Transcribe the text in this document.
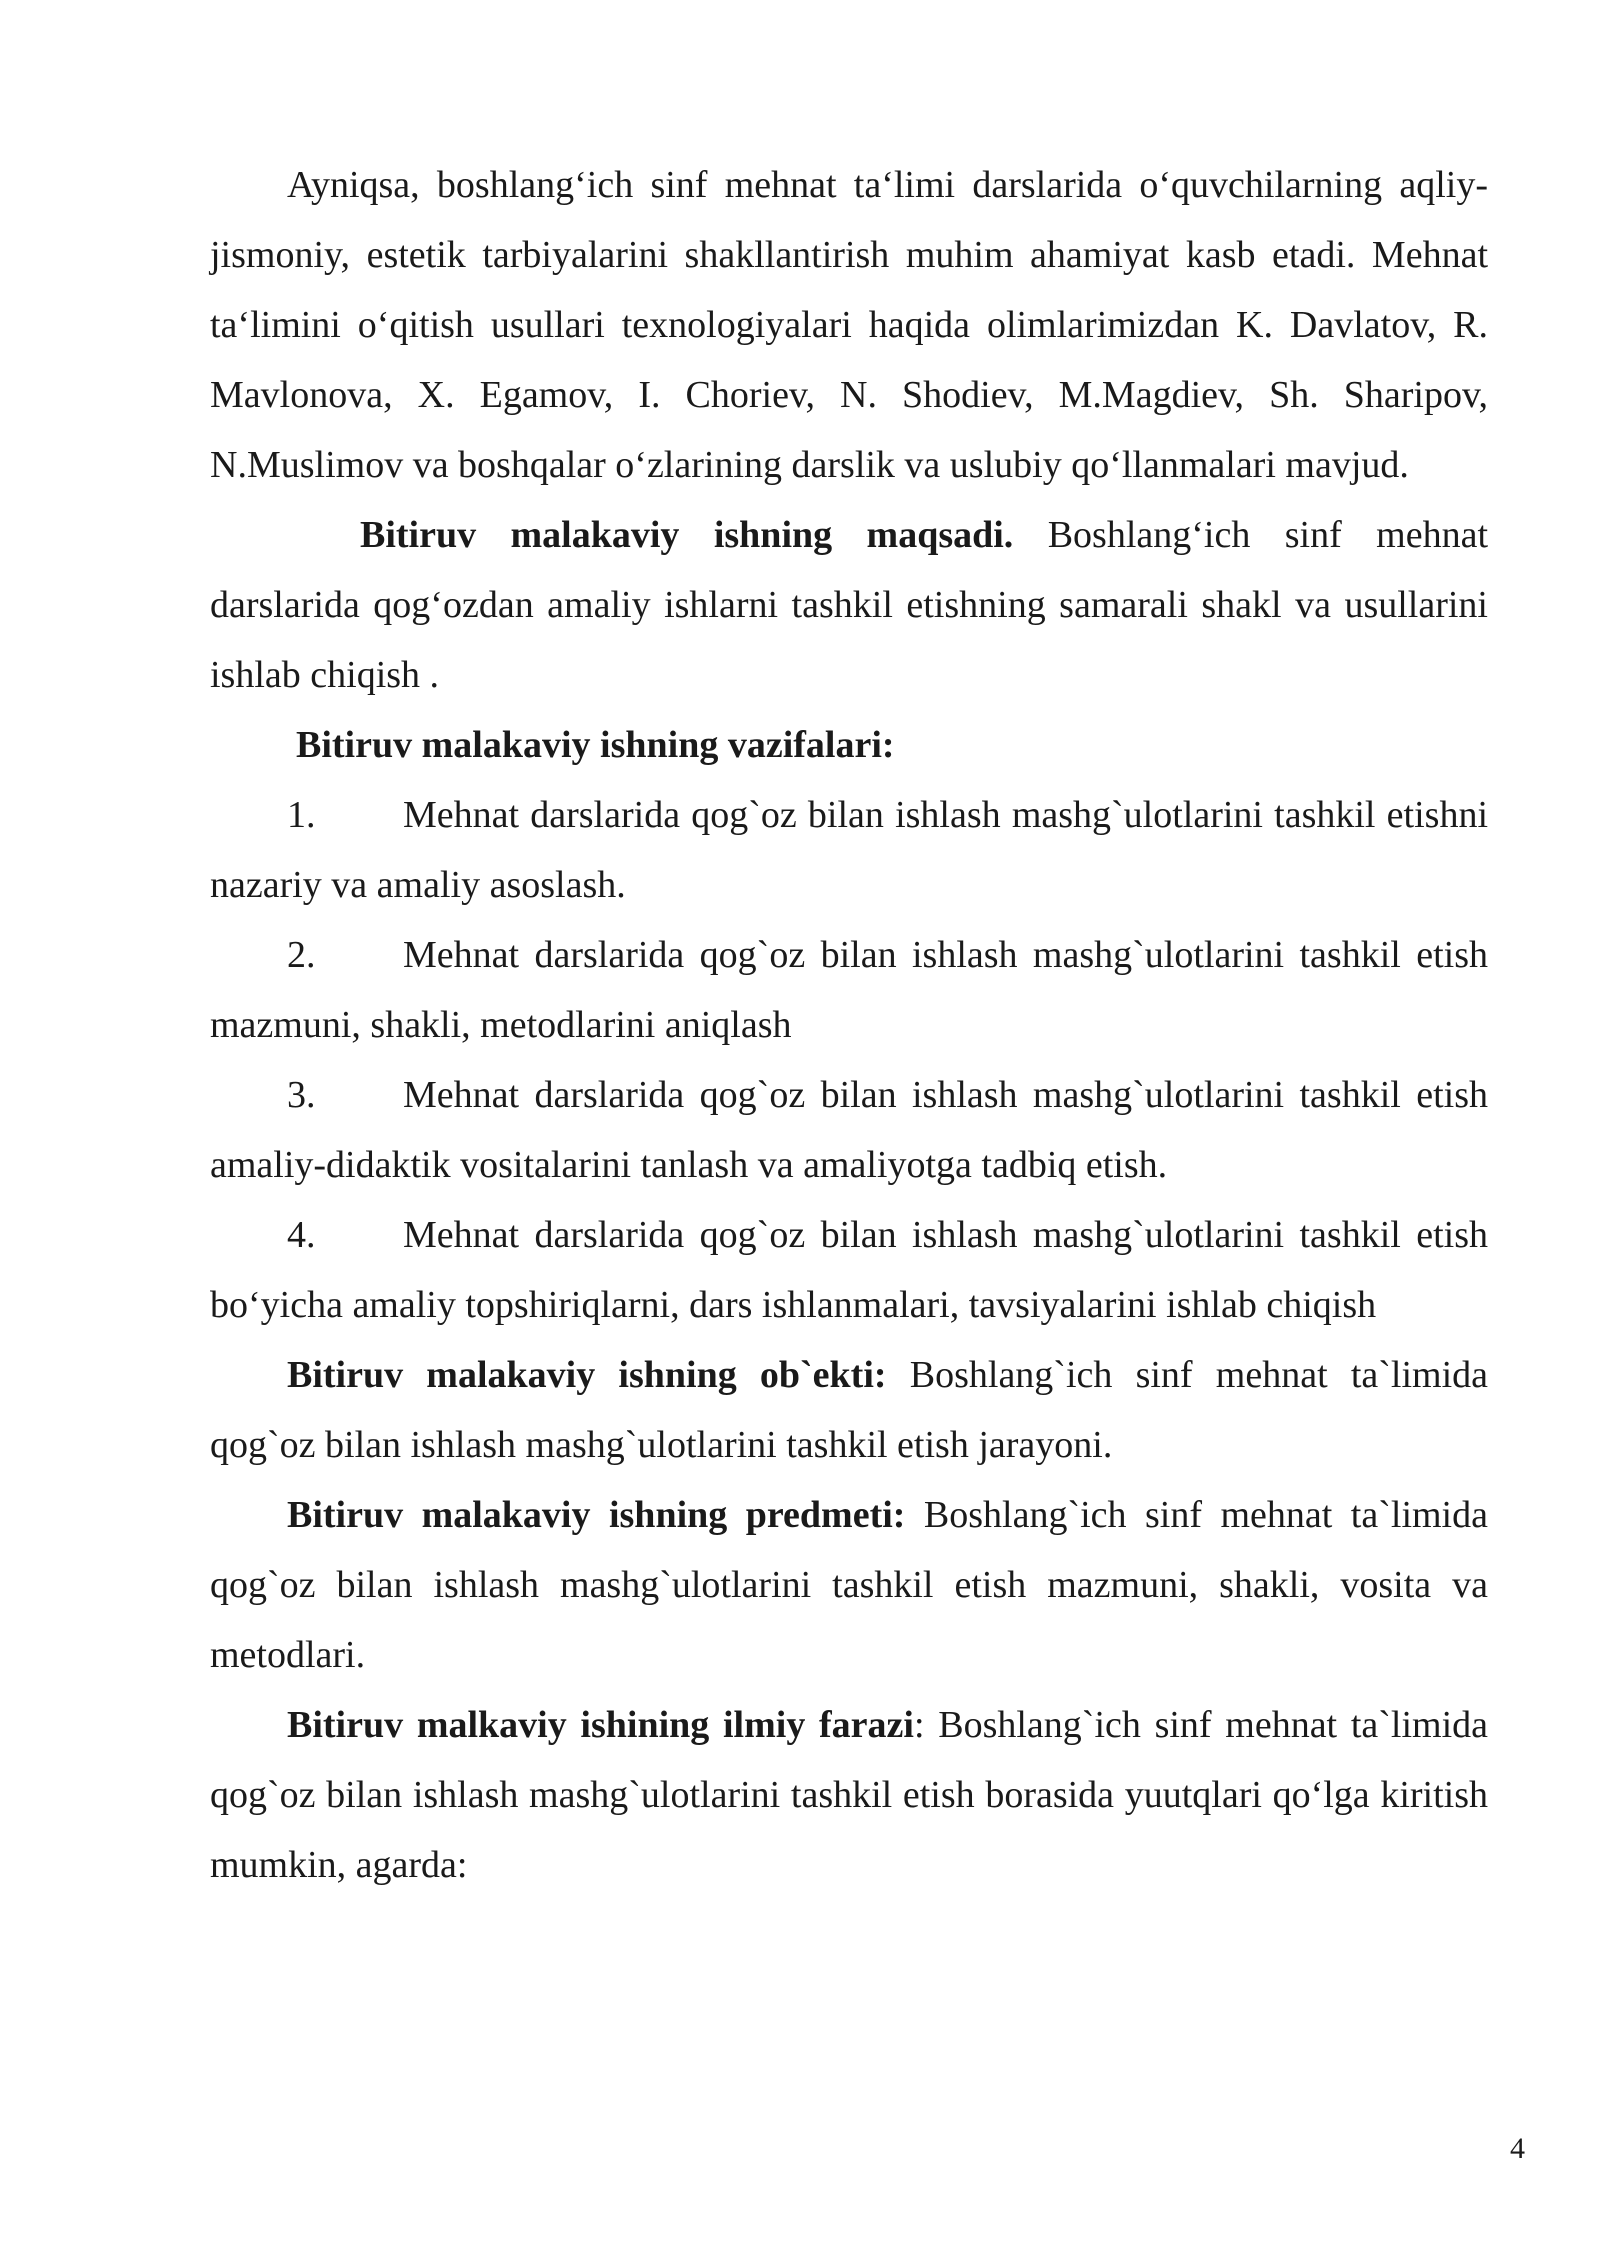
Ayniqsa, boshlang‘ich sinf mehnat ta‘limi darslarida o‘quvchilarning aqliy-jismoniy, estetik tarbiyalarini shakllantirish muhim ahamiyat kasb etadi. Mehnat ta‘limini o‘qitish usullari texnologiyalari haqida olimlarimizdan K. Davlatov, R. Mavlonova, X. Egamov, I. Choriev, N. Shodiev, M.Magdiev, Sh. Sharipov, N.Muslimov va boshqalar o‘zlarining darslik va uslubiy qo‘llanmalari mavjud.

Bitiruv malakaviy ishning maqsadi. Boshlang‘ich sinf mehnat darslarida qog‘ozdan amaliy ishlarni tashkil etishning samarali shakl va usullarini ishlab chiqish .

Bitiruv malakaviy ishning vazifalari:

1. Mehnat darslarida qog`oz bilan ishlash mashg`ulotlarini tashkil etishni nazariy va amaliy asoslash.

2. Mehnat darslarida qog`oz bilan ishlash mashg`ulotlarini tashkil etish mazmuni, shakli, metodlarini aniqlash

3. Mehnat darslarida qog`oz bilan ishlash mashg`ulotlarini tashkil etish amaliy-didaktik vositalarini tanlash va amaliyotga tadbiq etish.

4. Mehnat darslarida qog`oz bilan ishlash mashg`ulotlarini tashkil etish bo‘yicha amaliy topshiriqlarni, dars ishlanmalari, tavsiyalarini ishlab chiqish

Bitiruv malakaviy ishning ob`ekti: Boshlang`ich sinf mehnat ta`limida qog`oz bilan ishlash mashg`ulotlarini tashkil etish jarayoni.

Bitiruv malakaviy ishning predmeti: Boshlang`ich sinf mehnat ta`limida qog`oz bilan ishlash mashg`ulotlarini tashkil etish mazmuni, shakli, vosita va metodlari.

Bitiruv malkaviy ishining ilmiy farazi: Boshlang`ich sinf mehnat ta`limida qog`oz bilan ishlash mashg`ulotlarini tashkil etish borasida yuutqlari qo‘lga kiritish mumkin, agarda:

4
